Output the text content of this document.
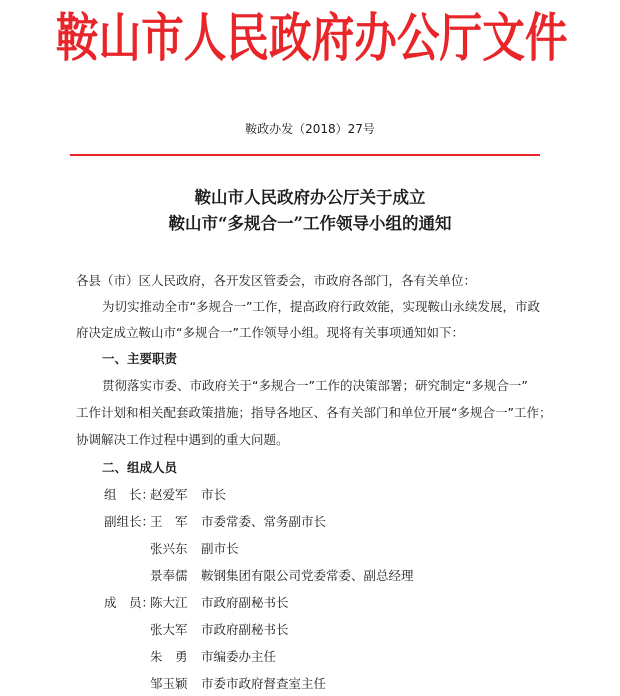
鞍山市人民政府办公厅文件
鞍政办发（2018）27号
鞍山市人民政府办公厅关于成立
鞍山市“多规合一”工作领导小组的通知
各县（市）区人民政府，各开发区管委会，市政府各部门，各有关单位：
为切实推动全市“多规合一”工作，提高政府行政效能，实现鞍山永续发展，市政
府决定成立鞍山市“多规合一”工作领导小组。现将有关事项通知如下：
一、主要职责
贯彻落实市委、市政府关于“多规合一”工作的决策部署；研究制定“多规合一”
工作计划和相关配套政策措施；指导各地区、各有关部门和单位开展“多规合一”工作；
协调解决工作过程中遇到的重大问题。
二、组成人员
组　长：
赵爱军 市长
副组长：
王　军 市委常委、常务副市长
张兴东 副市长
景奉儒 鞍钢集团有限公司党委常委、副总经理
成　员：
陈大江 市政府副秘书长
张大军 市政府副秘书长
朱　勇 市编委办主任
邹玉颖 市委市政府督查室主任
